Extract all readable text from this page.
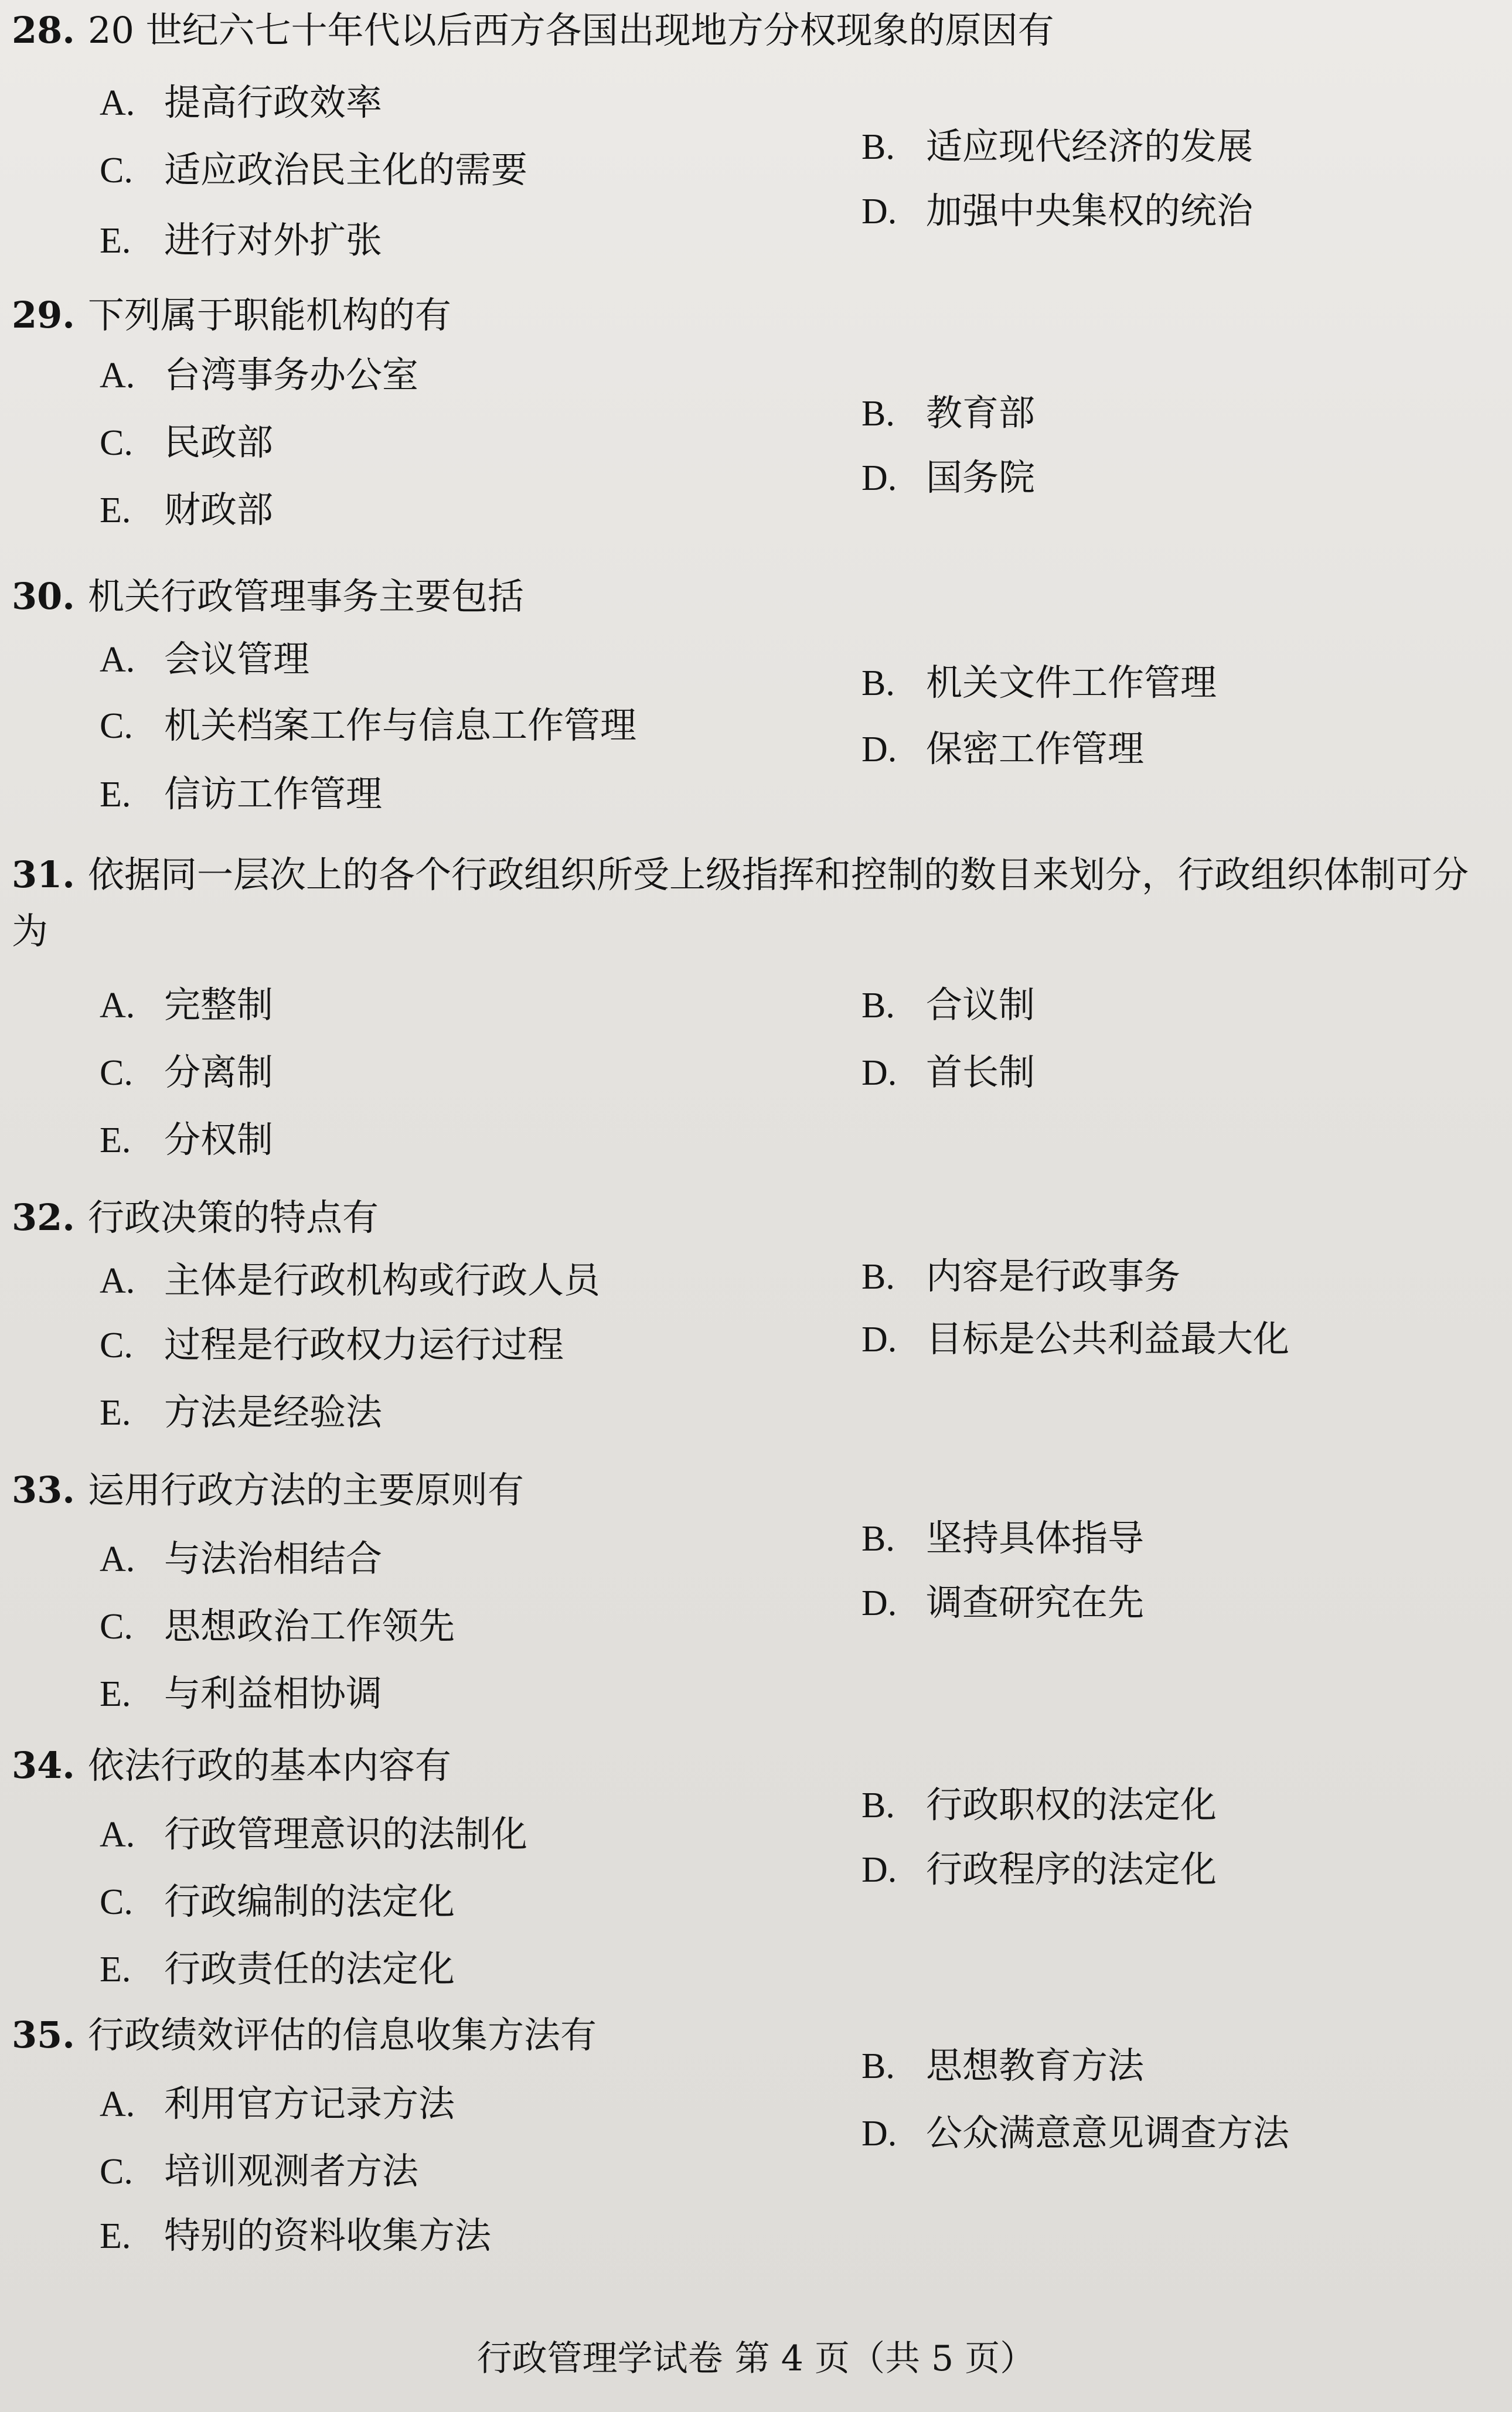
28. 20 世纪六七十年代以后西方各国出现地方分权现象的原因有
A. 提高行政效率
B. 适应现代经济的发展
C. 适应政治民主化的需要
D. 加强中央集权的统治
E. 进行对外扩张
29. 下列属于职能机构的有
A. 台湾事务办公室
B. 教育部
C. 民政部
D. 国务院
E. 财政部
30. 机关行政管理事务主要包括
A. 会议管理
B. 机关文件工作管理
C. 机关档案工作与信息工作管理
D. 保密工作管理
E. 信访工作管理
31. 依据同一层次上的各个行政组织所受上级指挥和控制的数目来划分，行政组织体制可分为
A. 完整制	B. 合议制
C. 分离制	D. 首长制
E. 分权制
32. 行政决策的特点有
A. 主体是行政机构或行政人员	B. 内容是行政事务
C. 过程是行政权力运行过程	D. 目标是公共利益最大化
E. 方法是经验法
33. 运用行政方法的主要原则有
A. 与法治相结合	B. 坚持具体指导
C. 思想政治工作领先
D. 调查研究在先
E. 与利益相协调
34. 依法行政的基本内容有
A. 行政管理意识的法制化
B. 行政职权的法定化
C. 行政编制的法定化
D. 行政程序的法定化
E. 行政责任的法定化
35. 行政绩效评估的信息收集方法有
A. 利用官方记录方法
B. 思想教育方法
C. 培训观测者方法
D. 公众满意意见调查方法
E. 特别的资料收集方法
行政管理学试卷 第 4 页（共 5 页）
